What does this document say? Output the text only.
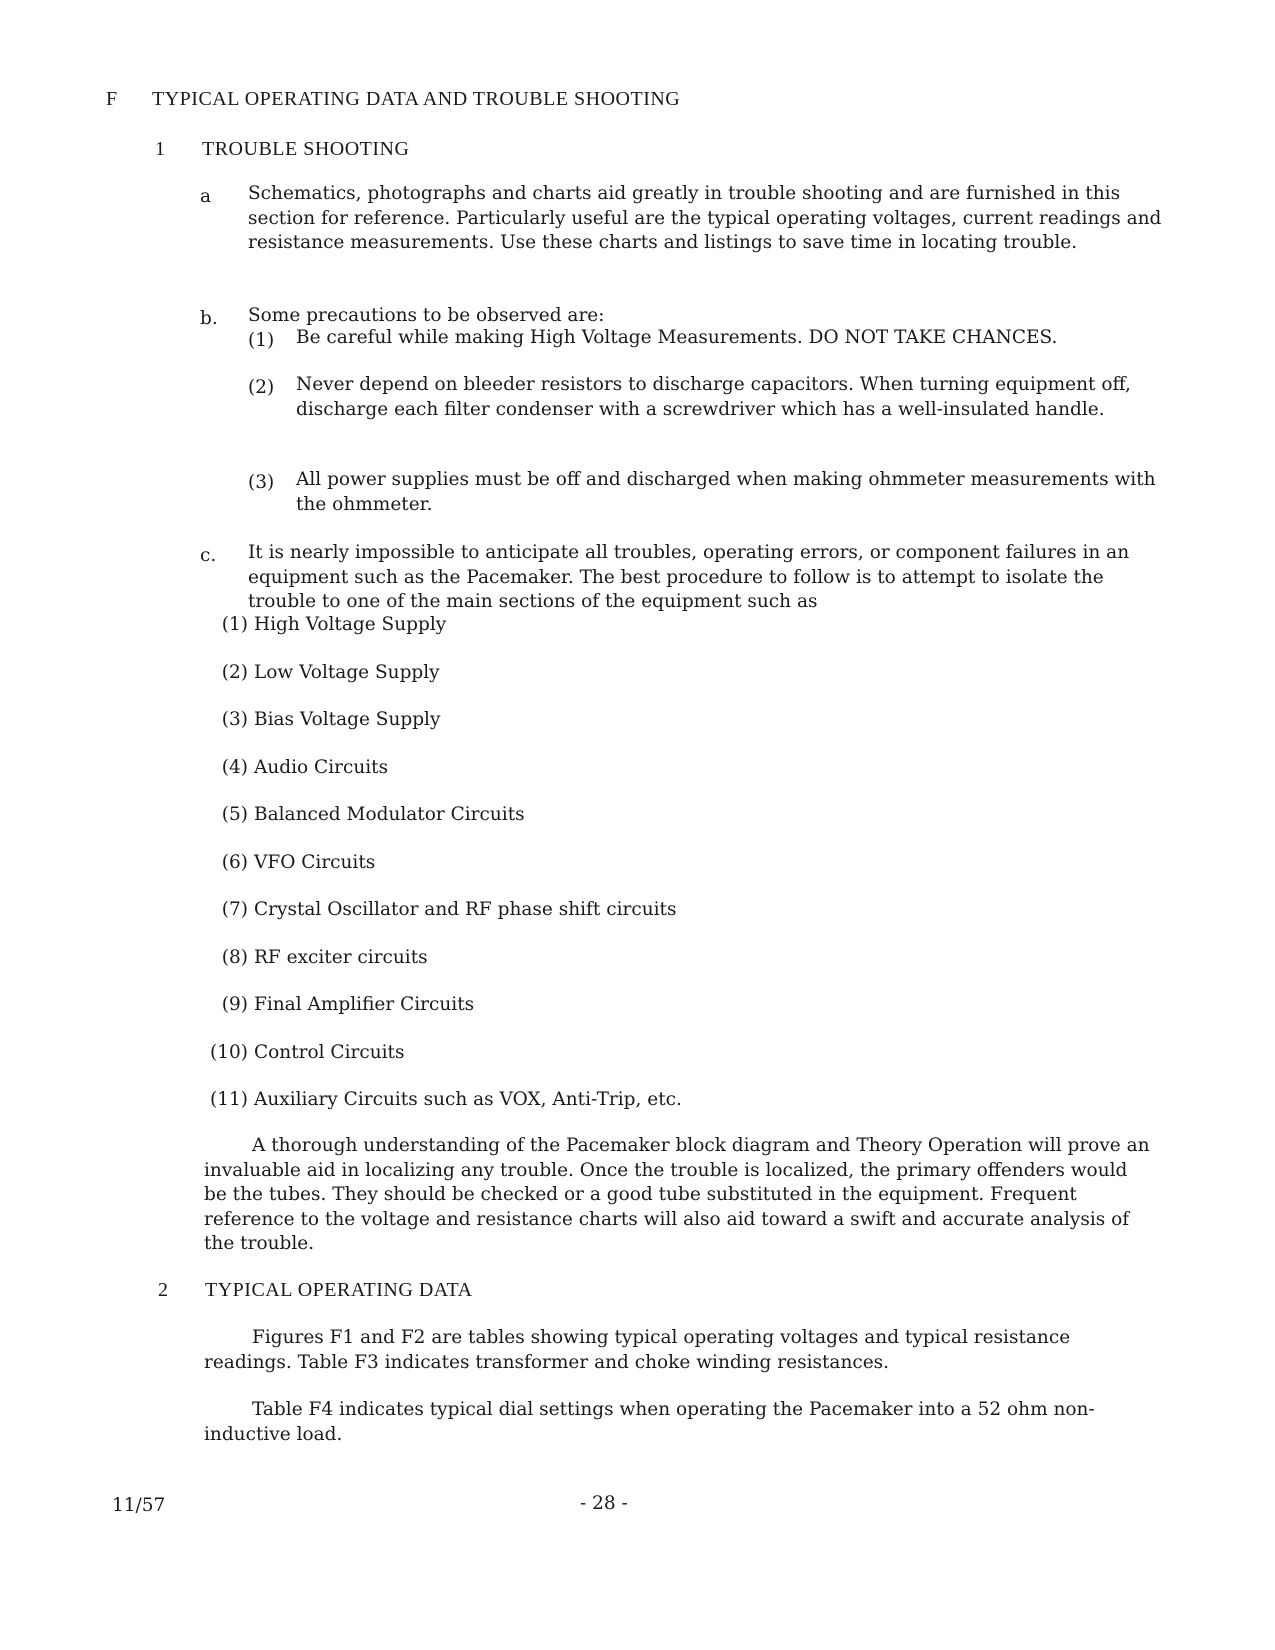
F TYPICAL OPERATING DATA AND TROUBLE SHOOTING
1 TROUBLE SHOOTING
a Schematics, photographs and charts aid greatly in trouble shooting and are furnished in this section for reference. Particularly useful are the typical operating voltages, current readings and resistance measurements. Use these charts and listings to save time in locating trouble.
b. Some precautions to be observed are:
(1) Be careful while making High Voltage Measurements. DO NOT TAKE CHANCES.
(2) Never depend on bleeder resistors to discharge capacitors. When turning equipment off, discharge each filter condenser with a screwdriver which has a well-insulated handle.
(3) All power supplies must be off and discharged when making ohmmeter measurements with the ohmmeter.
c. It is nearly impossible to anticipate all troubles, operating errors, or component failures in an equipment such as the Pacemaker. The best procedure to follow is to attempt to isolate the trouble to one of the main sections of the equipment such as
(1) High Voltage Supply
(2) Low Voltage Supply
(3) Bias Voltage Supply
(4) Audio Circuits
(5) Balanced Modulator Circuits
(6) VFO Circuits
(7) Crystal Oscillator and RF phase shift circuits
(8) RF exciter circuits
(9) Final Amplifier Circuits
(10) Control Circuits
(11) Auxiliary Circuits such as VOX, Anti-Trip, etc.
A thorough understanding of the Pacemaker block diagram and Theory Operation will prove an invaluable aid in localizing any trouble. Once the trouble is localized, the primary offenders would be the tubes. They should be checked or a good tube substituted in the equipment. Frequent reference to the voltage and resistance charts will also aid toward a swift and accurate analysis of the trouble.
2 TYPICAL OPERATING DATA
Figures F1 and F2 are tables showing typical operating voltages and typical resistance readings. Table F3 indicates transformer and choke winding resistances.
Table F4 indicates typical dial settings when operating the Pacemaker into a 52 ohm non-inductive load.
11/57	- 28 -
